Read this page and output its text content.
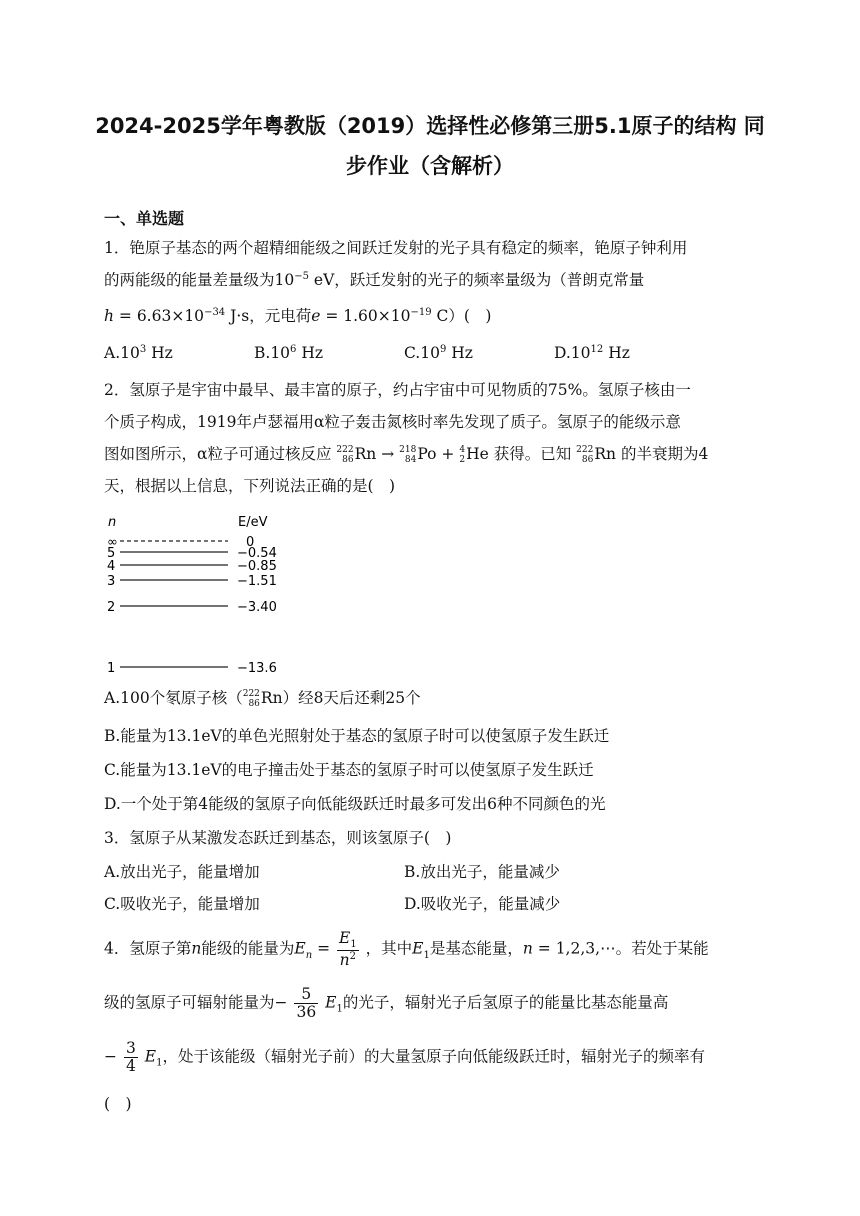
2024-2025学年粤教版（2019）选择性必修第三册5.1原子的结构 同
步作业（含解析）
一、单选题
1．铯原子基态的两个超精细能级之间跃迁发射的光子具有稳定的频率，铯原子钟利用
的两能级的能量差量级为$10^{-5}$ eV，跃迁发射的光子的频率量级为（普朗克常量
$h = 6.63\times 10^{-34}$ J·s，元电荷$e = 1.60\times 10^{-19}$ C）(　)
$A.10^3$ Hz	$B.10^6$ Hz	$C.10^9$ Hz	$D.10^{12}$ Hz
2．氢原子是宇宙中最早、最丰富的原子，约占宇宙中可见物质的75%。氢原子核由一
个质子构成，1919年卢瑟福用α粒子轰击氮核时率先发现了质子。氢原子的能级示意
图如图所示，α粒子可通过核反应 222
86 Rn → 218
84 Po + 4
2 He 获得。已知 222
86 Rn 的半衰期为4
天，根据以上信息，下列说法正确的是(　)
n	E/eV
∞	0
5	−0.54
4	−0.85
3	−1.51
2	−3.40
1	−13.6
A.100个氡原子核（ 222
86 Rn）经8天后还剩25个
B.能量为13.1eV的单色光照射处于基态的氢原子时可以使氢原子发生跃迁
C.能量为13.1eV的电子撞击处于基态的氢原子时可以使氢原子发生跃迁
D.一个处于第4能级的氢原子向低能级跃迁时最多可发出6种不同颜色的光
3．氢原子从某激发态跃迁到基态，则该氢原子(　)
A.放出光子，能量增加	B.放出光子，能量减少
C.吸收光子，能量增加	D.吸收光子，能量减少
4．氢原子第n能级的能量为$E_n = \frac{E_1}{n^2}$ ，其中$E_1$是基态能量，n = 1,2,3,⋯。若处于某能
级的氢原子可辐射能量为− $\frac{5}{36} E_1$的光子，辐射光子后氢原子的能量比基态能量高
− $\frac{3}{4} E_1$，处于该能级（辐射光子前）的大量氢原子向低能级跃迁时，辐射光子的频率有
(　)
